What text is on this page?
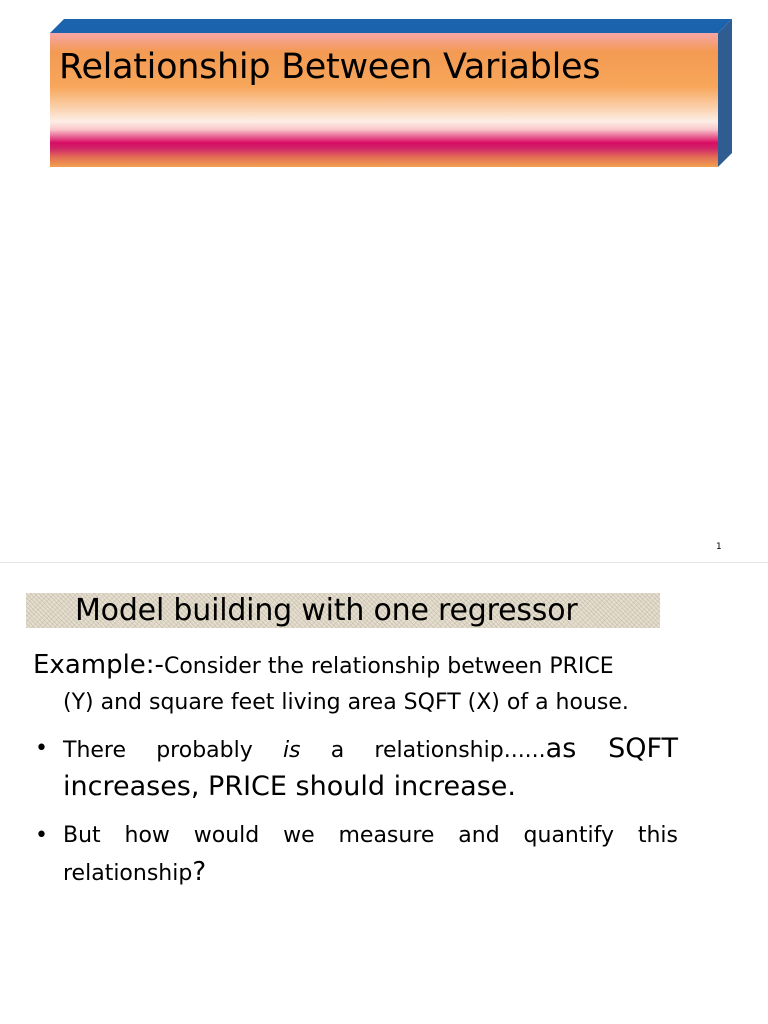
Relationship Between Variables
1
Model building with one regressor

Example:-Consider the relationship between PRICE
(Y) and square feet living area SQFT (X) of a house.

• There probably is a relationship......as SQFT increases, PRICE should increase.

• But how would we measure and quantify this relationship?
